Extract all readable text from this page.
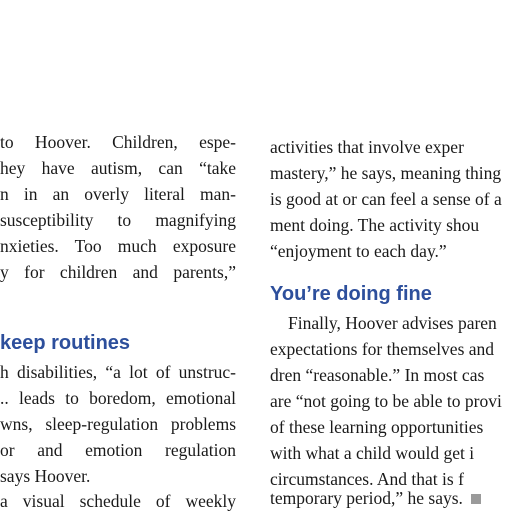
to Hoover. Children, espe-
hey have autism, can “take
n in an overly literal man-
susceptibility to magnifying
nxieties. Too much exposure
y for children and parents,”
keep routines
h disabilities, “a lot of unstruc-
.. leads to boredom, emotional
wns, sleep-regulation problems
or and emotion regulation
says Hoover.
a visual schedule of weekly
activities that involve exper
mastery,” he says, meaning thing
is good at or can feel a sense of a
ment doing. The activity shou
“enjoyment to each day.”
You’re doing fine
Finally, Hoover advises paren
expectations for themselves and
dren “reasonable.” In most cas
are “not going to be able to provi
of these learning opportunities
with what a child would get i
circumstances. And that is f
temporary period,” he says.
